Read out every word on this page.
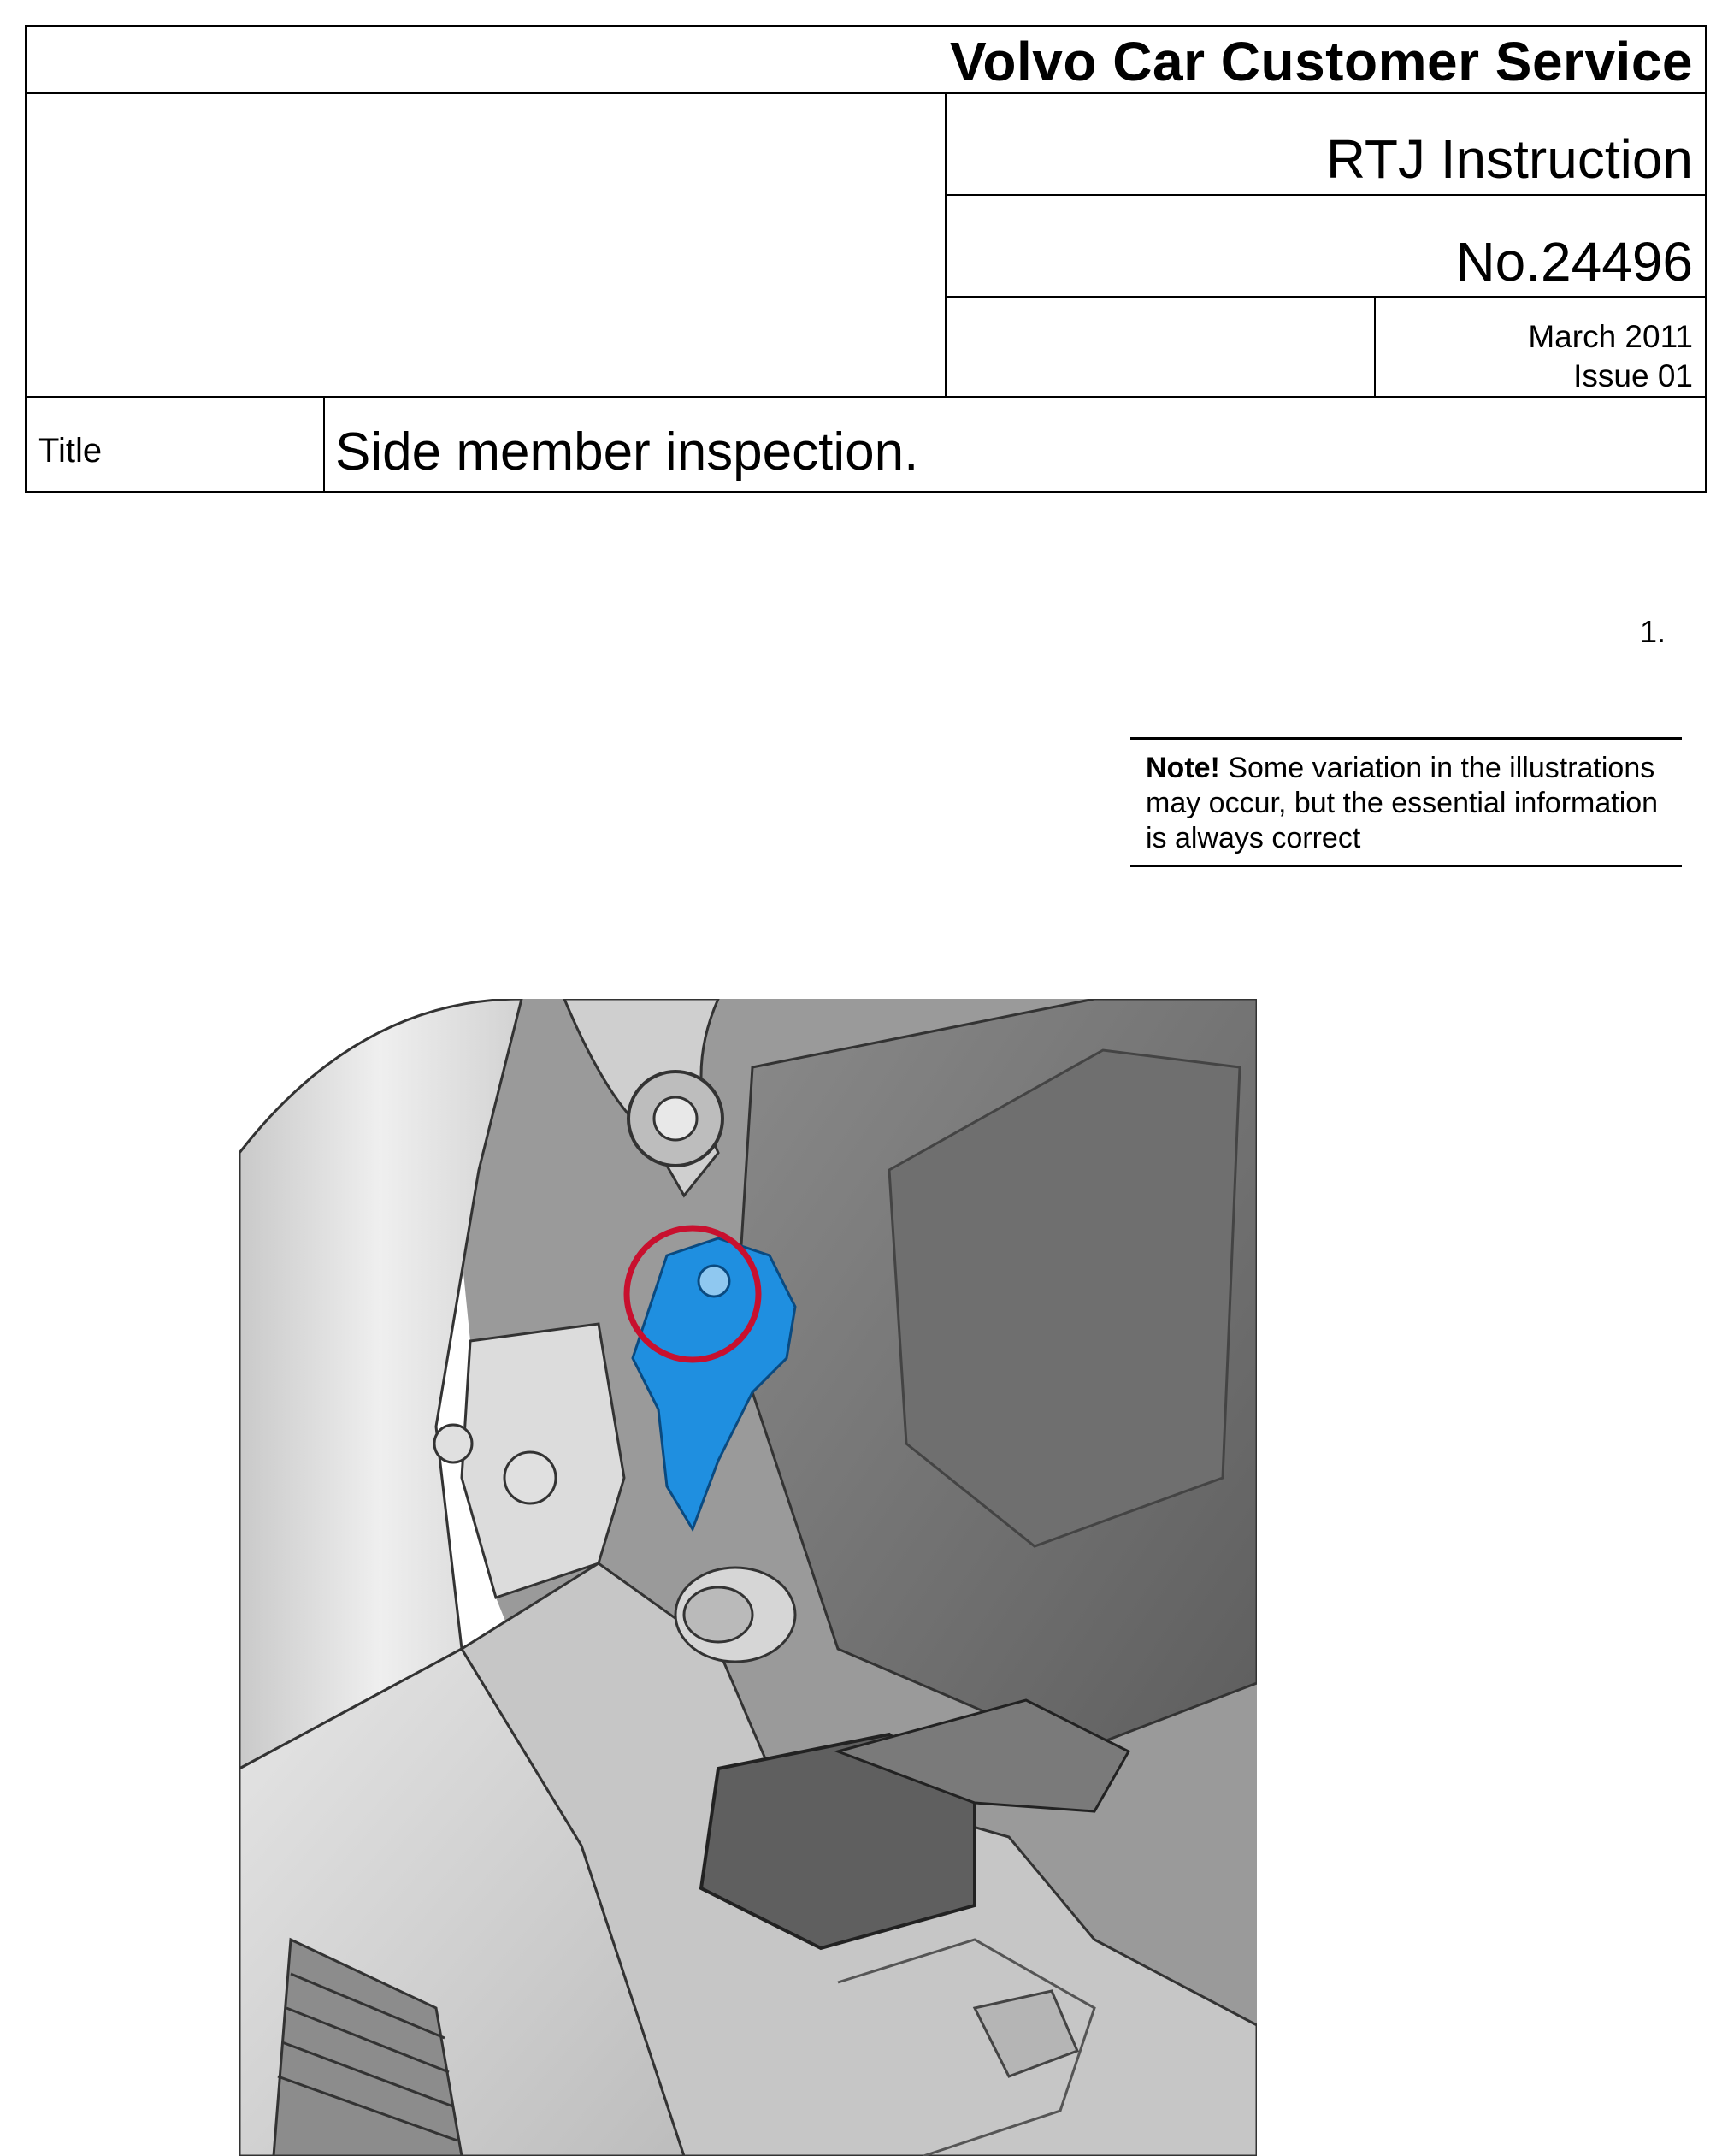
Volvo Car Customer Service
RTJ Instruction
No.24496
March 2011
Issue 01
Title	Side member inspection.
1.
Note! Some variation in the illustrations may occur, but the essential information is always correct
